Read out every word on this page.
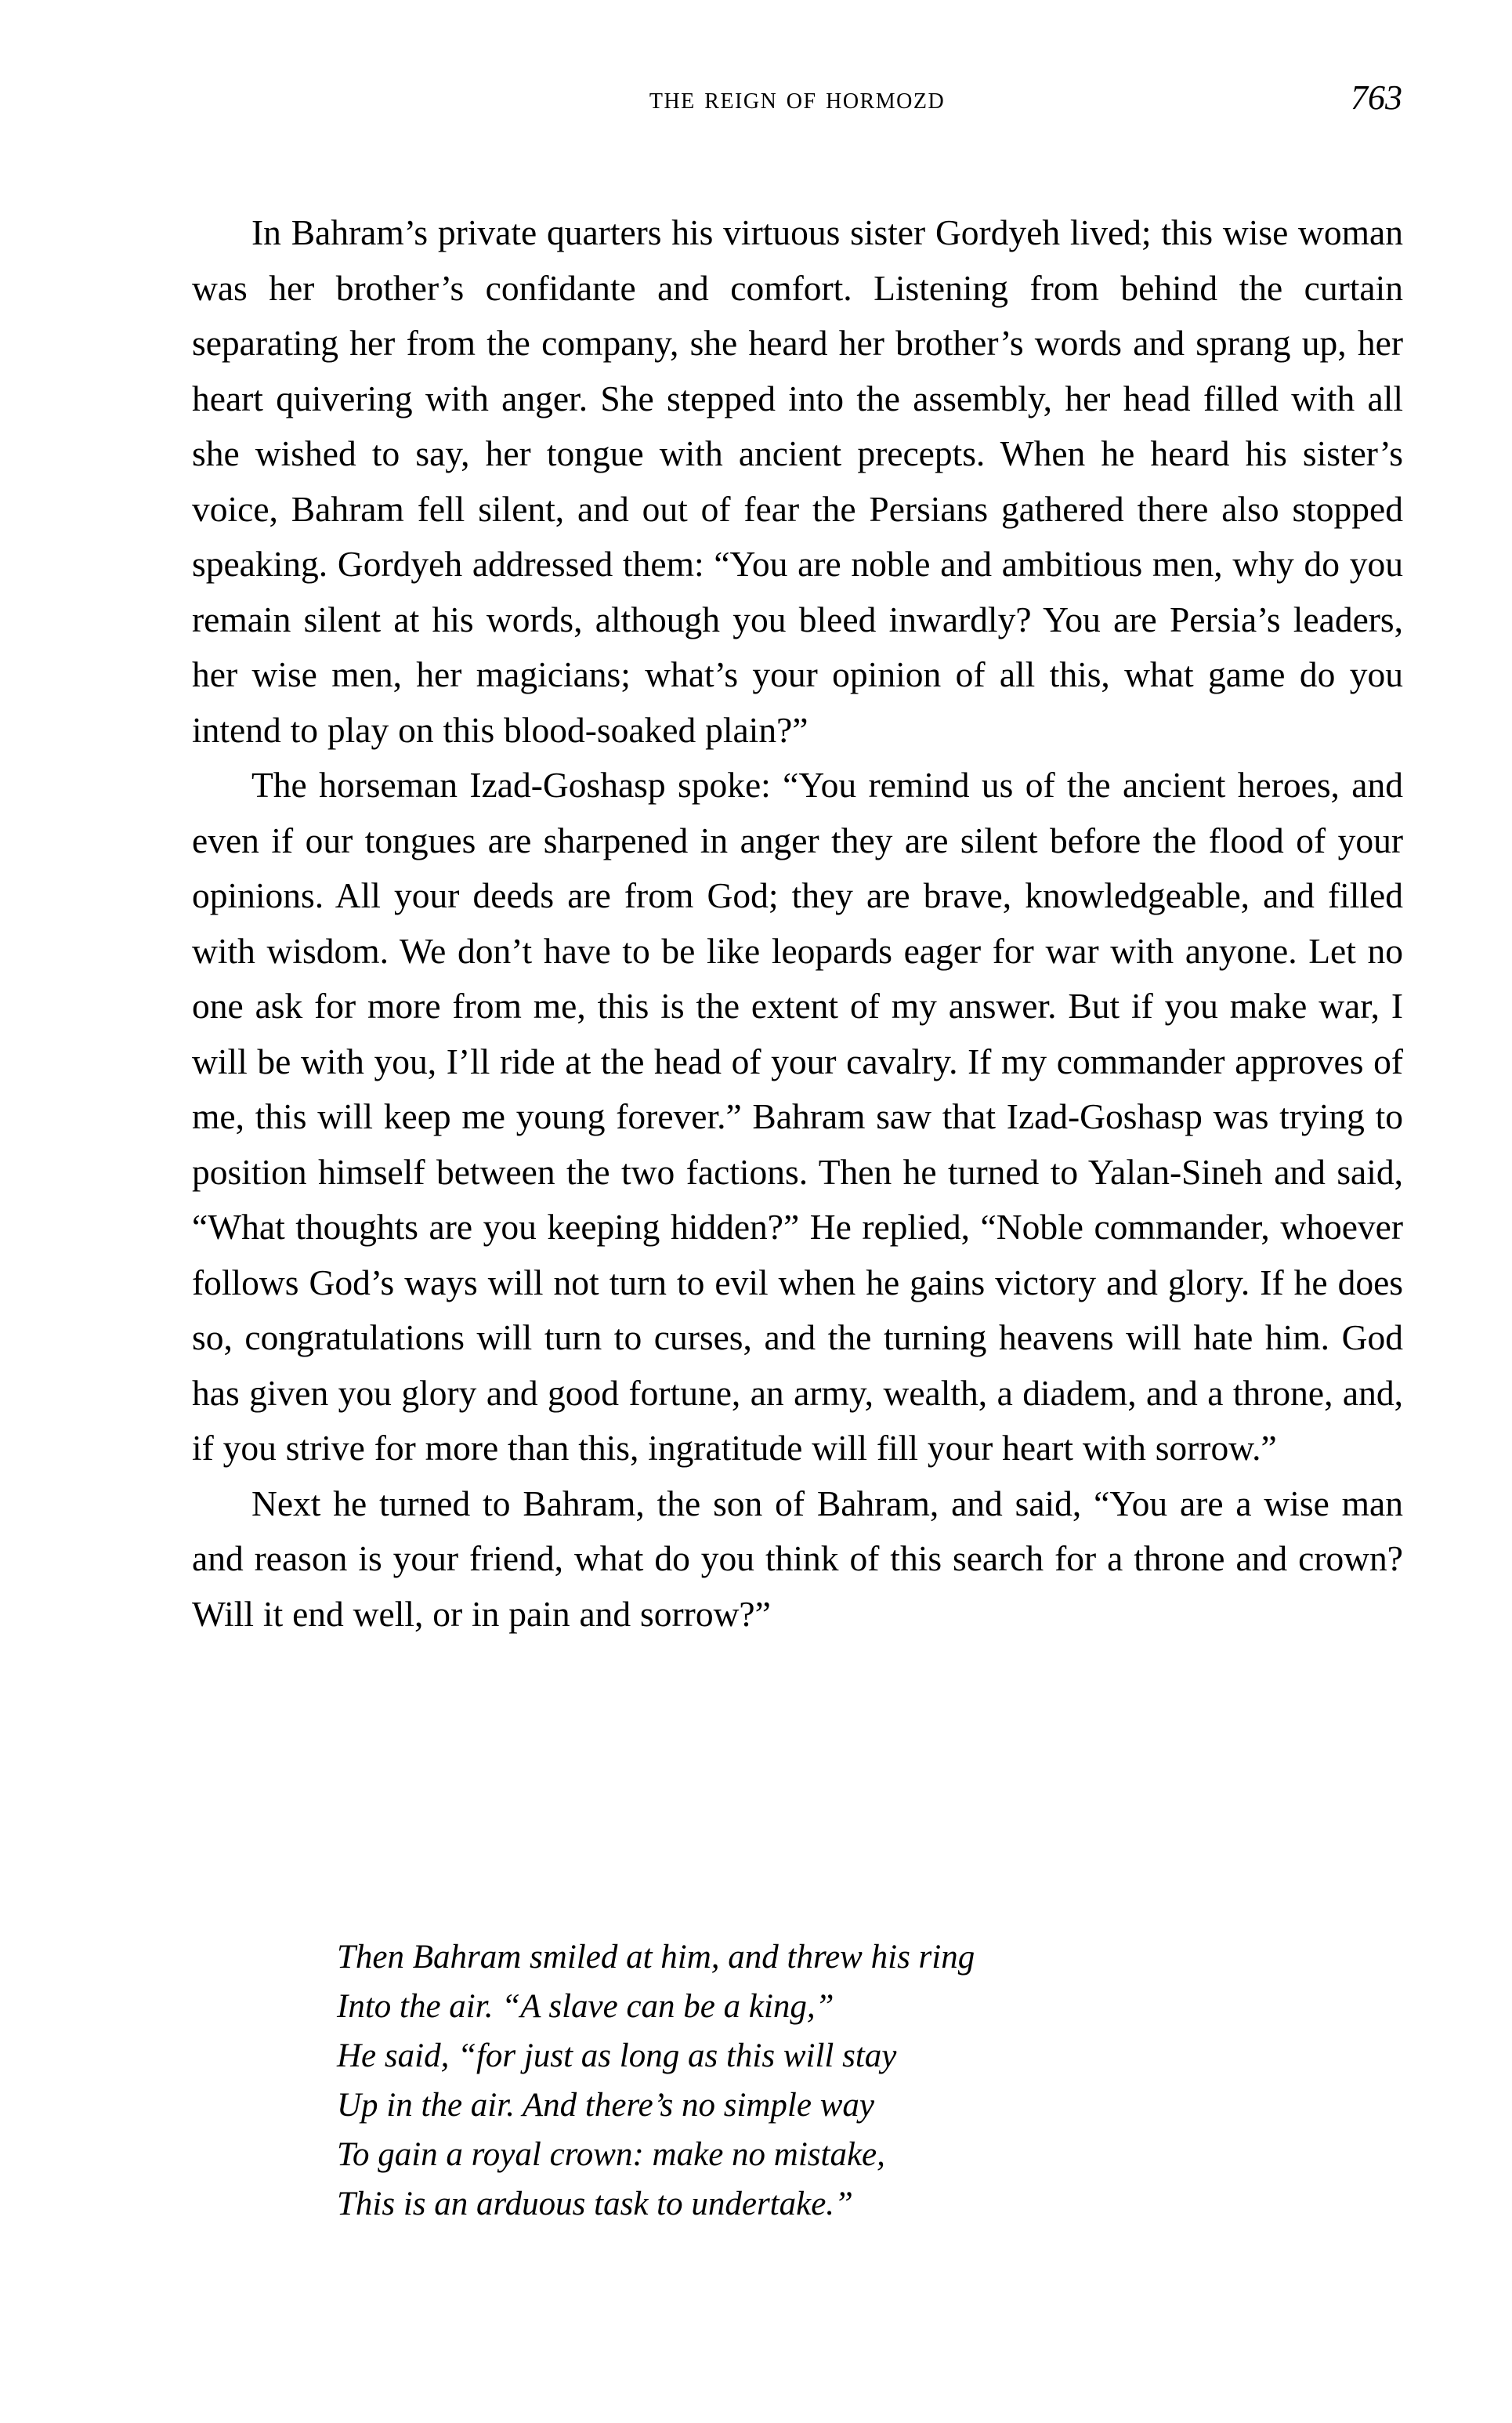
the reign of hormozd	763

In Bahram’s private quarters his virtuous sister Gordyeh lived; this wise woman was her brother’s confidante and comfort. Listening from behind the curtain separating her from the company, she heard her brother’s words and sprang up, her heart quivering with anger. She stepped into the assembly, her head filled with all she wished to say, her tongue with ancient precepts. When he heard his sister’s voice, Bahram fell silent, and out of fear the Persians gathered there also stopped speaking. Gordyeh addressed them: “You are noble and ambitious men, why do you remain silent at his words, although you bleed inwardly? You are Persia’s leaders, her wise men, her magicians; what’s your opinion of all this, what game do you intend to play on this blood-soaked plain?”

The horseman Izad-Goshasp spoke: “You remind us of the ancient heroes, and even if our tongues are sharpened in anger they are silent before the flood of your opinions. All your deeds are from God; they are brave, knowledgeable, and filled with wisdom. We don’t have to be like leopards eager for war with anyone. Let no one ask for more from me, this is the extent of my answer. But if you make war, I will be with you, I’ll ride at the head of your cavalry. If my commander approves of me, this will keep me young forever.” Bahram saw that Izad-Goshasp was trying to position himself between the two factions. Then he turned to Yalan-Sineh and said, “What thoughts are you keeping hidden?” He replied, “Noble commander, whoever follows God’s ways will not turn to evil when he gains victory and glory. If he does so, congratulations will turn to curses, and the turning heavens will hate him. God has given you glory and good fortune, an army, wealth, a diadem, and a throne, and, if you strive for more than this, ingratitude will fill your heart with sorrow.”

Next he turned to Bahram, the son of Bahram, and said, “You are a wise man and reason is your friend, what do you think of this search for a throne and crown? Will it end well, or in pain and sorrow?”

Then Bahram smiled at him, and threw his ring
Into the air. “A slave can be a king,”
He said, “for just as long as this will stay
Up in the air. And there’s no simple way
To gain a royal crown: make no mistake,
This is an arduous task to undertake.”
